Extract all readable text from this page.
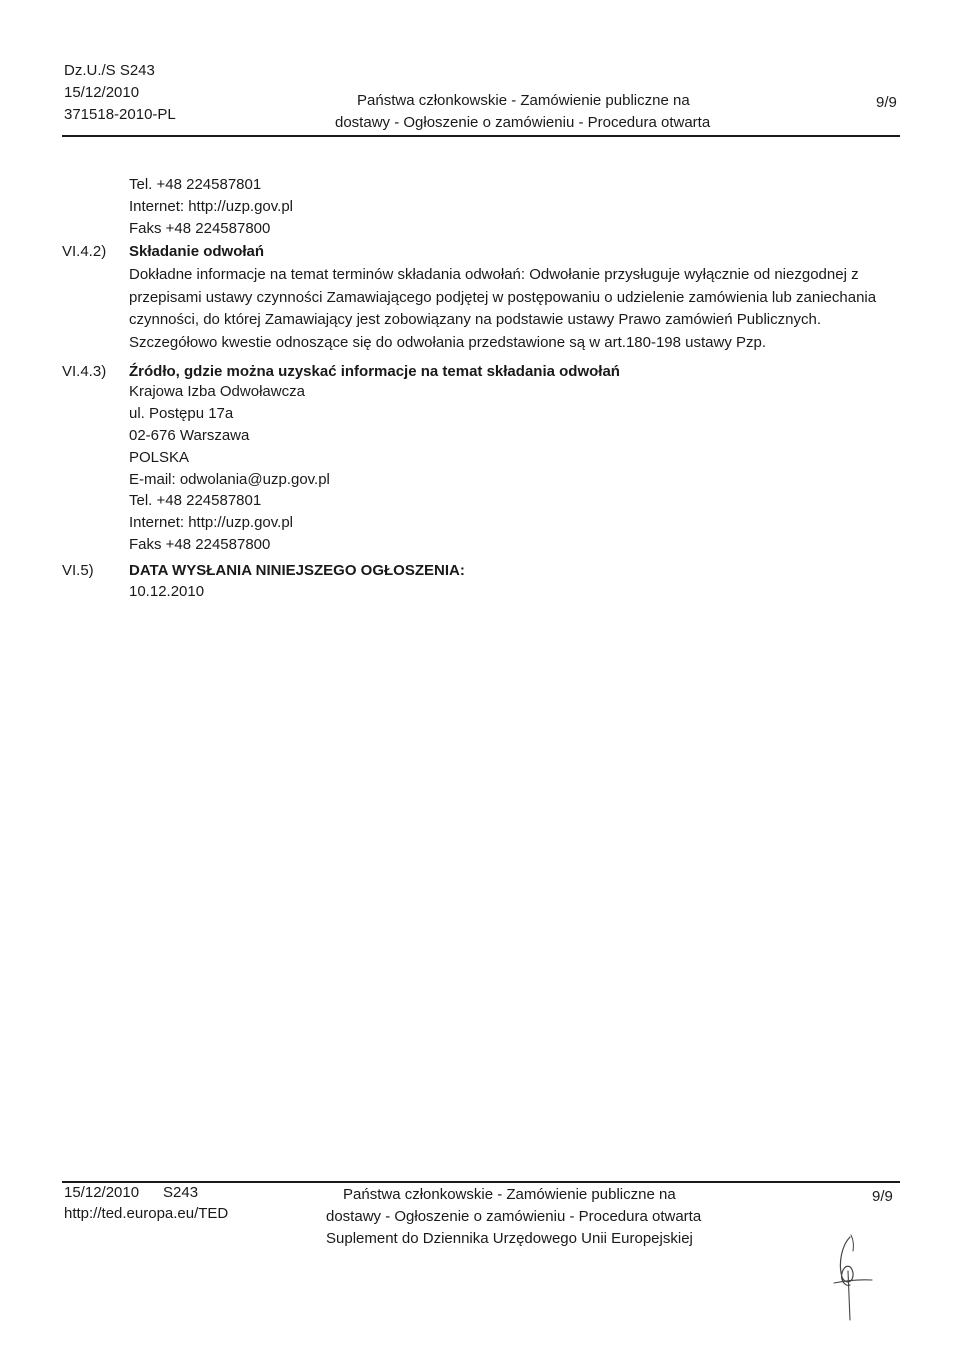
Dz.U./S S243
15/12/2010
371518-2010-PL
Państwa członkowskie - Zamówienie publiczne na
dostawy - Ogłoszenie o zamówieniu - Procedura otwarta
9/9
Tel. +48 224587801
Internet: http://uzp.gov.pl
Faks +48 224587800
VI.4.2) Składanie odwołań
Dokładne informacje na temat terminów składania odwołań: Odwołanie przysługuje wyłącznie od niezgodnej z przepisami ustawy czynności Zamawiającego podjętej w postępowaniu o udzielenie zamówienia lub zaniechania czynności, do której Zamawiający jest zobowiązany na podstawie ustawy Prawo zamówień Publicznych. Szczegółowo kwestie odnoszące się do odwołania przedstawione są w art.180-198 ustawy Pzp.
VI.4.3) Źródło, gdzie można uzyskać informacje na temat składania odwołań
Krajowa Izba Odwoławcza
ul. Postępu 17a
02-676 Warszawa
POLSKA
E-mail: odwolania@uzp.gov.pl
Tel. +48 224587801
Internet: http://uzp.gov.pl
Faks +48 224587800
VI.5) DATA WYSŁANIA NINIEJSZEGO OGŁOSZENIA:
10.12.2010
15/12/2010 S243
http://ted.europa.eu/TED
Państwa członkowskie - Zamówienie publiczne na
dostawy - Ogłoszenie o zamówieniu - Procedura otwarta
Suplement do Dziennika Urzędowego Unii Europejskiej
9/9
